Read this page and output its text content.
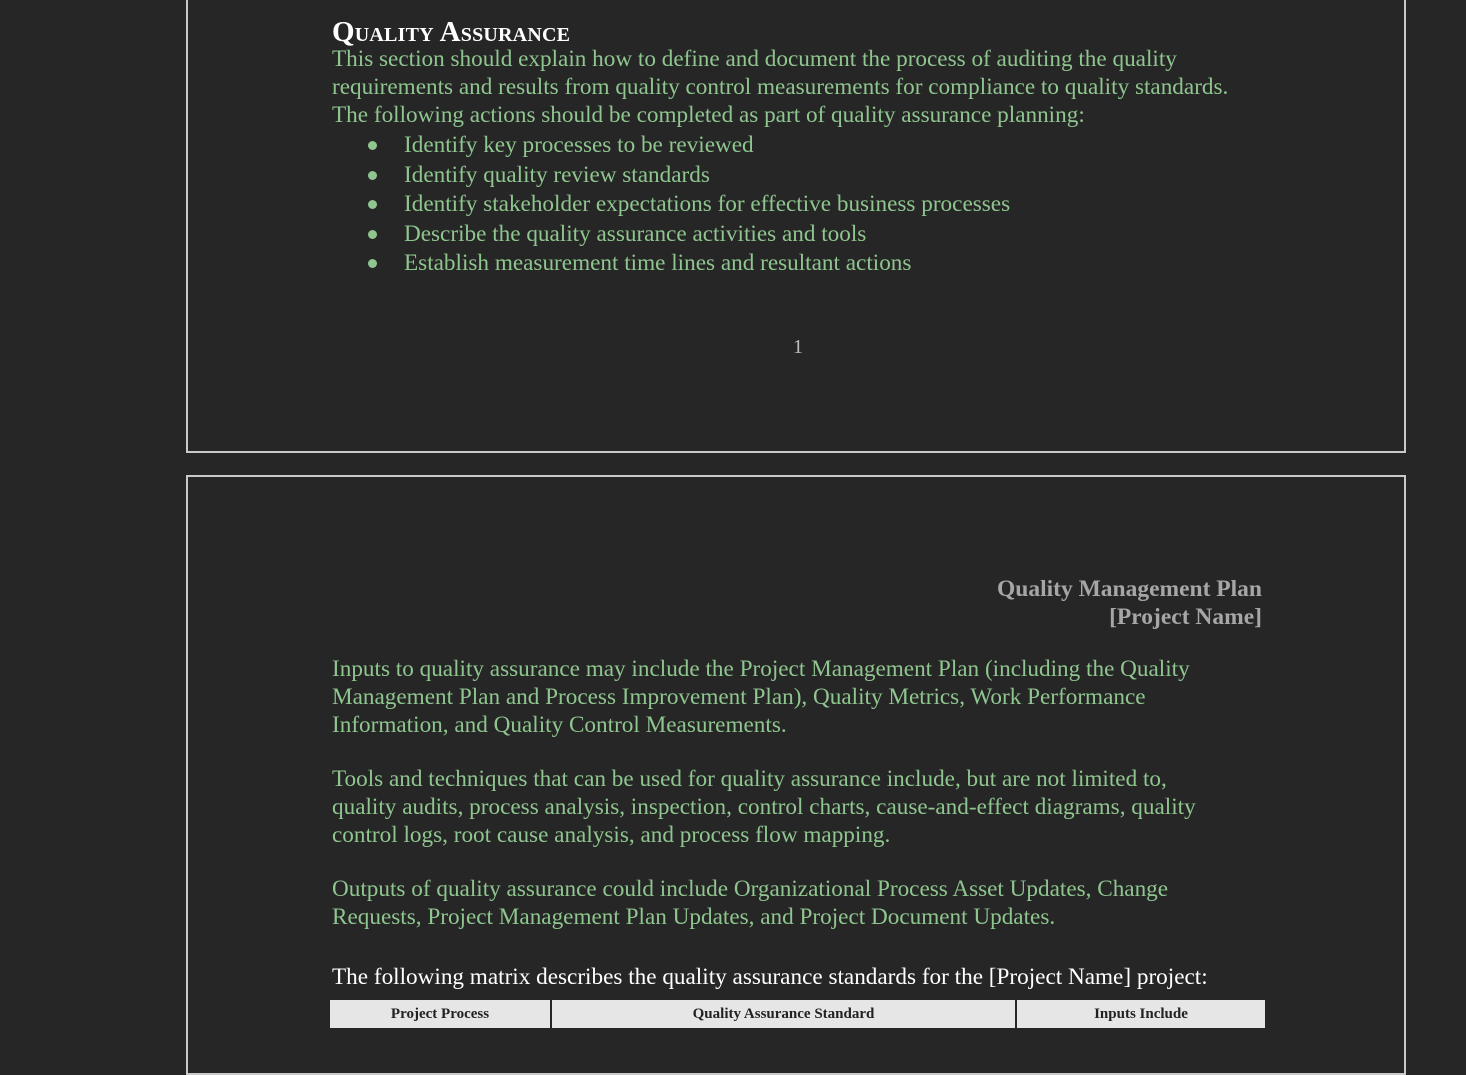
Quality Assurance
This section should explain how to define and document the process of auditing the quality
requirements and results from quality control measurements for compliance to quality standards.
The following actions should be completed as part of quality assurance planning:
Identify key processes to be reviewed
Identify quality review standards
Identify stakeholder expectations for effective business processes
Describe the quality assurance activities and tools
Establish measurement time lines and resultant actions
1
Quality Management Plan
[Project Name]
Inputs to quality assurance may include the Project Management Plan (including the Quality
Management Plan and Process Improvement Plan), Quality Metrics, Work Performance
Information, and Quality Control Measurements.
Tools and techniques that can be used for quality assurance include, but are not limited to,
quality audits, process analysis, inspection, control charts, cause-and-effect diagrams, quality
control logs, root cause analysis, and process flow mapping.
Outputs of quality assurance could include Organizational Process Asset Updates, Change
Requests, Project Management Plan Updates, and Project Document Updates.
The following matrix describes the quality assurance standards for the [Project Name] project:
Project Process	Quality Assurance Standard	Inputs Include
